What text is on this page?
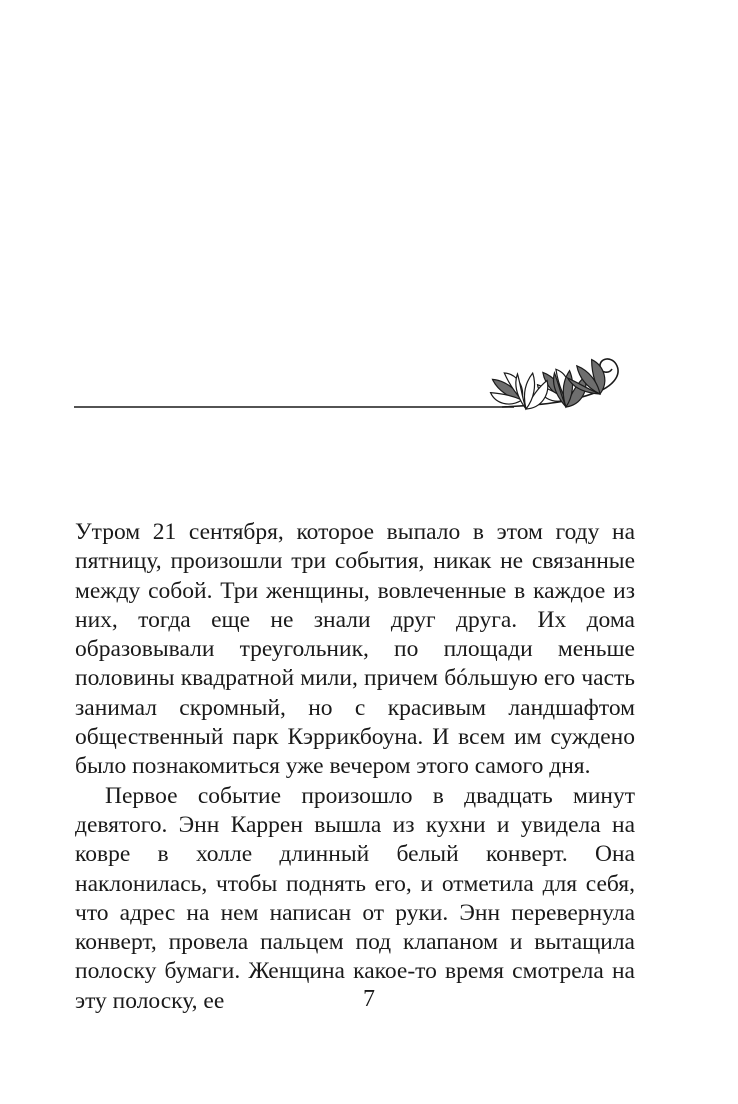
Утром 21 сентября, которое выпало в этом году на пятницу, произошли три события, никак не связанные между собой. Три женщины, вовлеченные в каждое из них, тогда еще не знали друг друга. Их дома образовывали треугольник, по площади меньше половины квадратной мили, причем бóльшую его часть занимал скромный, но с красивым ландшафтом общественный парк Кэррикбоуна. И всем им суждено было познакомиться уже вечером этого самого дня.

Первое событие произошло в двадцать минут девятого. Энн Каррен вышла из кухни и увидела на ковре в холле длинный белый конверт. Она наклонилась, чтобы поднять его, и отметила для себя, что адрес на нем написан от руки. Энн перевернула конверт, провела пальцем под клапаном и вытащила полоску бумаги. Женщина какое-то время смотрела на эту полоску, ее	7
